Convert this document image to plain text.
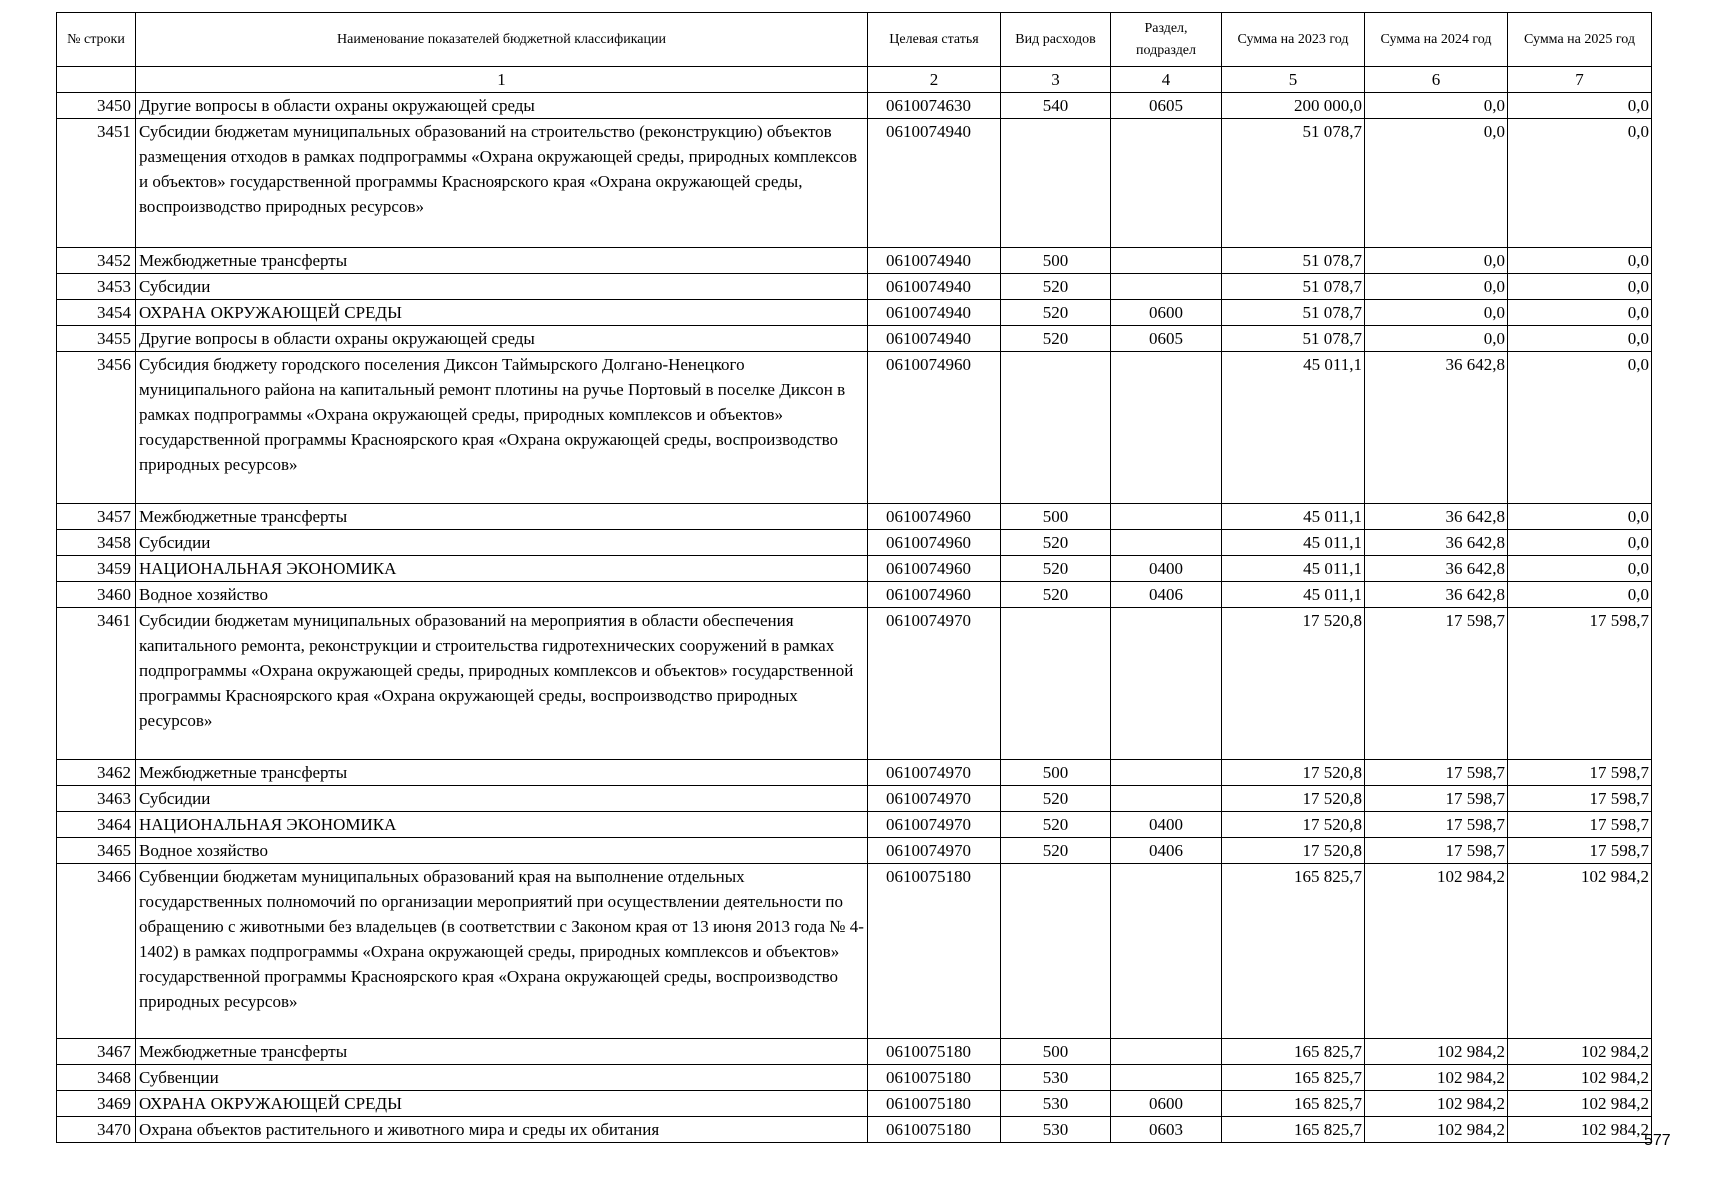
№ строки	Наименование показателей бюджетной классификации	Целевая статья	Вид расходов	Раздел, подраздел	Сумма на 2023 год	Сумма на 2024 год	Сумма на 2025 год
	1	2	3	4	5	6	7
3450	Другие вопросы в области охраны окружающей среды	0610074630	540	0605	200 000,0	0,0	0,0
3451	Субсидии бюджетам муниципальных образований на строительство (реконструкцию) объектов размещения отходов в рамках подпрограммы «Охрана окружающей среды, природных комплексов и объектов» государственной программы Красноярского края «Охрана окружающей среды, воспроизводство природных ресурсов»	0610074940			51 078,7	0,0	0,0
3452	Межбюджетные трансферты	0610074940	500		51 078,7	0,0	0,0
3453	Субсидии	0610074940	520		51 078,7	0,0	0,0
3454	ОХРАНА ОКРУЖАЮЩЕЙ СРЕДЫ	0610074940	520	0600	51 078,7	0,0	0,0
3455	Другие вопросы в области охраны окружающей среды	0610074940	520	0605	51 078,7	0,0	0,0
3456	Субсидия бюджету городского поселения Диксон Таймырского Долгано-Ненецкого муниципального района на капитальный ремонт плотины на ручье Портовый в поселке Диксон в рамках подпрограммы «Охрана окружающей среды, природных комплексов и объектов» государственной программы Красноярского края «Охрана окружающей среды, воспроизводство природных ресурсов»	0610074960			45 011,1	36 642,8	0,0
3457	Межбюджетные трансферты	0610074960	500		45 011,1	36 642,8	0,0
3458	Субсидии	0610074960	520		45 011,1	36 642,8	0,0
3459	НАЦИОНАЛЬНАЯ ЭКОНОМИКА	0610074960	520	0400	45 011,1	36 642,8	0,0
3460	Водное хозяйство	0610074960	520	0406	45 011,1	36 642,8	0,0
3461	Субсидии бюджетам муниципальных образований на мероприятия в области обеспечения капитального ремонта, реконструкции и строительства гидротехнических сооружений в рамках подпрограммы «Охрана окружающей среды, природных комплексов и объектов» государственной программы Красноярского края «Охрана окружающей среды, воспроизводство природных ресурсов»	0610074970			17 520,8	17 598,7	17 598,7
3462	Межбюджетные трансферты	0610074970	500		17 520,8	17 598,7	17 598,7
3463	Субсидии	0610074970	520		17 520,8	17 598,7	17 598,7
3464	НАЦИОНАЛЬНАЯ ЭКОНОМИКА	0610074970	520	0400	17 520,8	17 598,7	17 598,7
3465	Водное хозяйство	0610074970	520	0406	17 520,8	17 598,7	17 598,7
3466	Субвенции бюджетам муниципальных образований края на выполнение отдельных государственных полномочий по организации мероприятий при осуществлении деятельности по обращению с животными без владельцев (в соответствии с Законом края от 13 июня 2013 года № 4-1402) в рамках подпрограммы «Охрана окружающей среды, природных комплексов и объектов» государственной программы Красноярского края «Охрана окружающей среды, воспроизводство природных ресурсов»	0610075180			165 825,7	102 984,2	102 984,2
3467	Межбюджетные трансферты	0610075180	500		165 825,7	102 984,2	102 984,2
3468	Субвенции	0610075180	530		165 825,7	102 984,2	102 984,2
3469	ОХРАНА ОКРУЖАЮЩЕЙ СРЕДЫ	0610075180	530	0600	165 825,7	102 984,2	102 984,2
3470	Охрана объектов растительного и животного мира и среды их обитания	0610075180	530	0603	165 825,7	102 984,2	102 984,2
577
